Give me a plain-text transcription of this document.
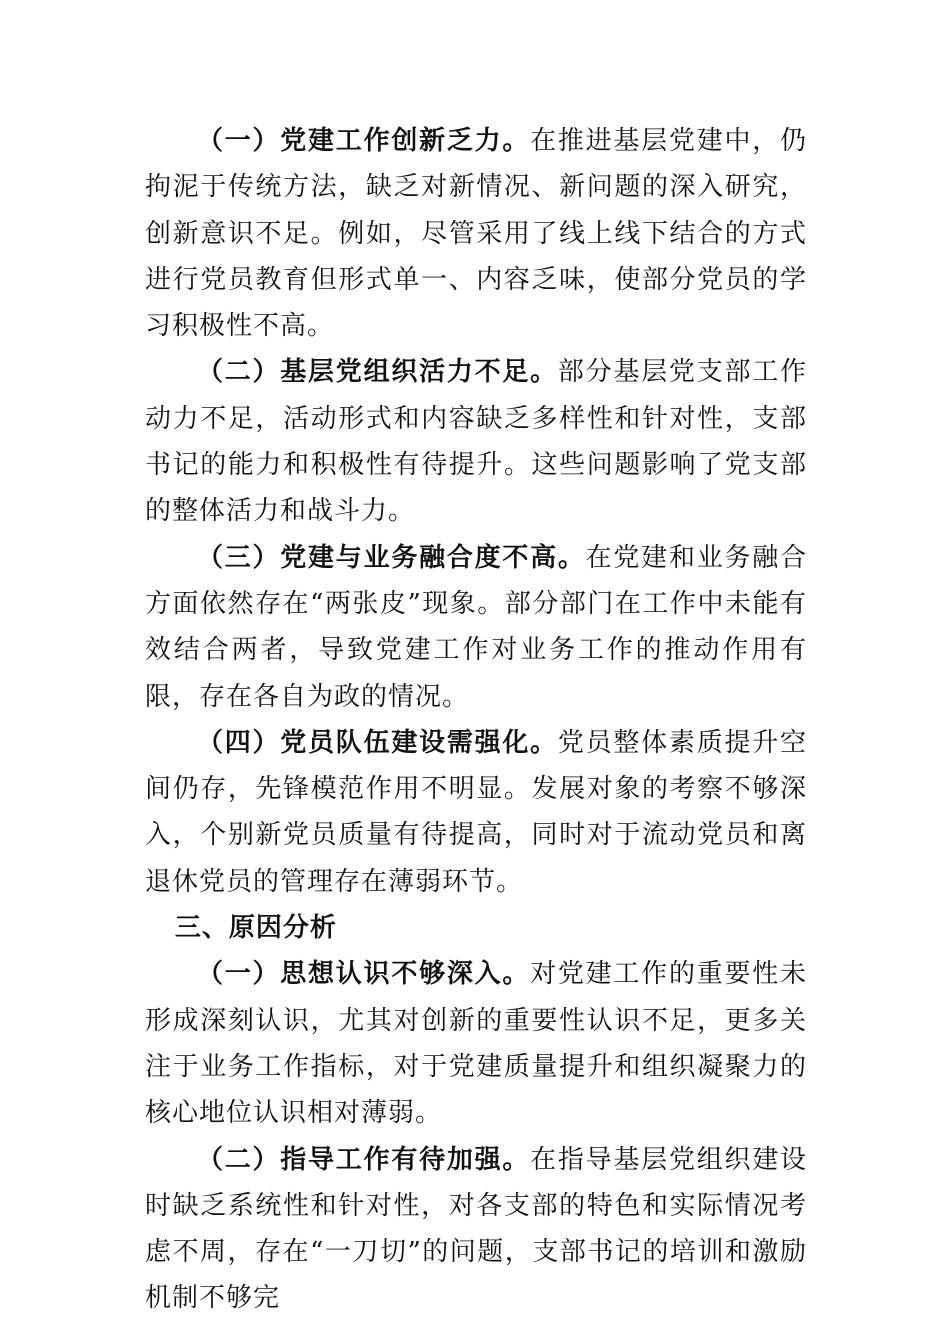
（一）党建工作创新乏力。在推进基层党建中，仍拘泥于传统方法，缺乏对新情况、新问题的深入研究，创新意识不足。例如，尽管采用了线上线下结合的方式进行党员教育但形式单一、内容乏味，使部分党员的学习积极性不高。

（二）基层党组织活力不足。部分基层党支部工作动力不足，活动形式和内容缺乏多样性和针对性，支部书记的能力和积极性有待提升。这些问题影响了党支部的整体活力和战斗力。

（三）党建与业务融合度不高。在党建和业务融合方面依然存在“两张皮”现象。部分部门在工作中未能有效结合两者，导致党建工作对业务工作的推动作用有限，存在各自为政的情况。

（四）党员队伍建设需强化。党员整体素质提升空间仍存，先锋模范作用不明显。发展对象的考察不够深入，个别新党员质量有待提高，同时对于流动党员和离退休党员的管理存在薄弱环节。

三、原因分析

（一）思想认识不够深入。对党建工作的重要性未形成深刻认识，尤其对创新的重要性认识不足，更多关注于业务工作指标，对于党建质量提升和组织凝聚力的核心地位认识相对薄弱。

（二）指导工作有待加强。在指导基层党组织建设时缺乏系统性和针对性，对各支部的特色和实际情况考虑不周，存在“一刀切”的问题，支部书记的培训和激励机制不够完
